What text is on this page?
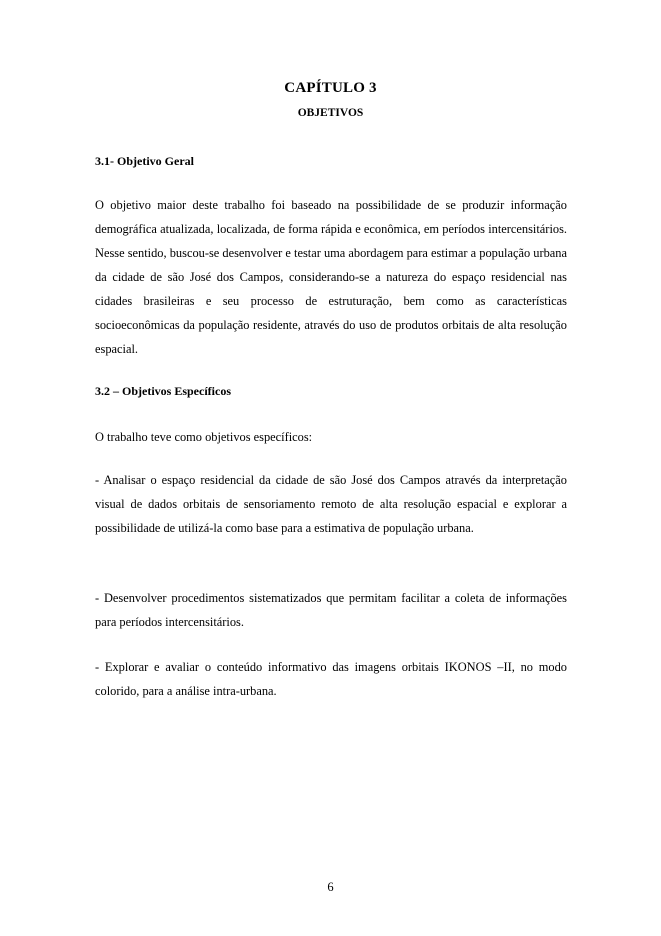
CAPÍTULO 3
OBJETIVOS
3.1- Objetivo Geral
O objetivo maior deste trabalho foi baseado na possibilidade de se produzir informação demográfica atualizada, localizada, de forma rápida e econômica, em períodos intercensitários. Nesse sentido, buscou-se desenvolver e testar uma abordagem para estimar a população urbana da cidade de são José dos Campos, considerando-se a natureza do espaço residencial nas cidades brasileiras e seu processo de estruturação, bem como as características socioeconômicas da população residente, através do uso de produtos orbitais de alta resolução espacial.
3.2 – Objetivos Específicos
O trabalho teve como objetivos específicos:
- Analisar o espaço residencial da cidade de são José dos Campos através da interpretação visual de dados orbitais de sensoriamento remoto de alta resolução espacial e explorar a possibilidade de utilizá-la como base para a estimativa de população urbana.
- Desenvolver procedimentos sistematizados que permitam facilitar a coleta de informações para períodos intercensitários.
- Explorar e avaliar o conteúdo informativo das imagens orbitais IKONOS –II, no modo colorido, para a análise intra-urbana.
6
